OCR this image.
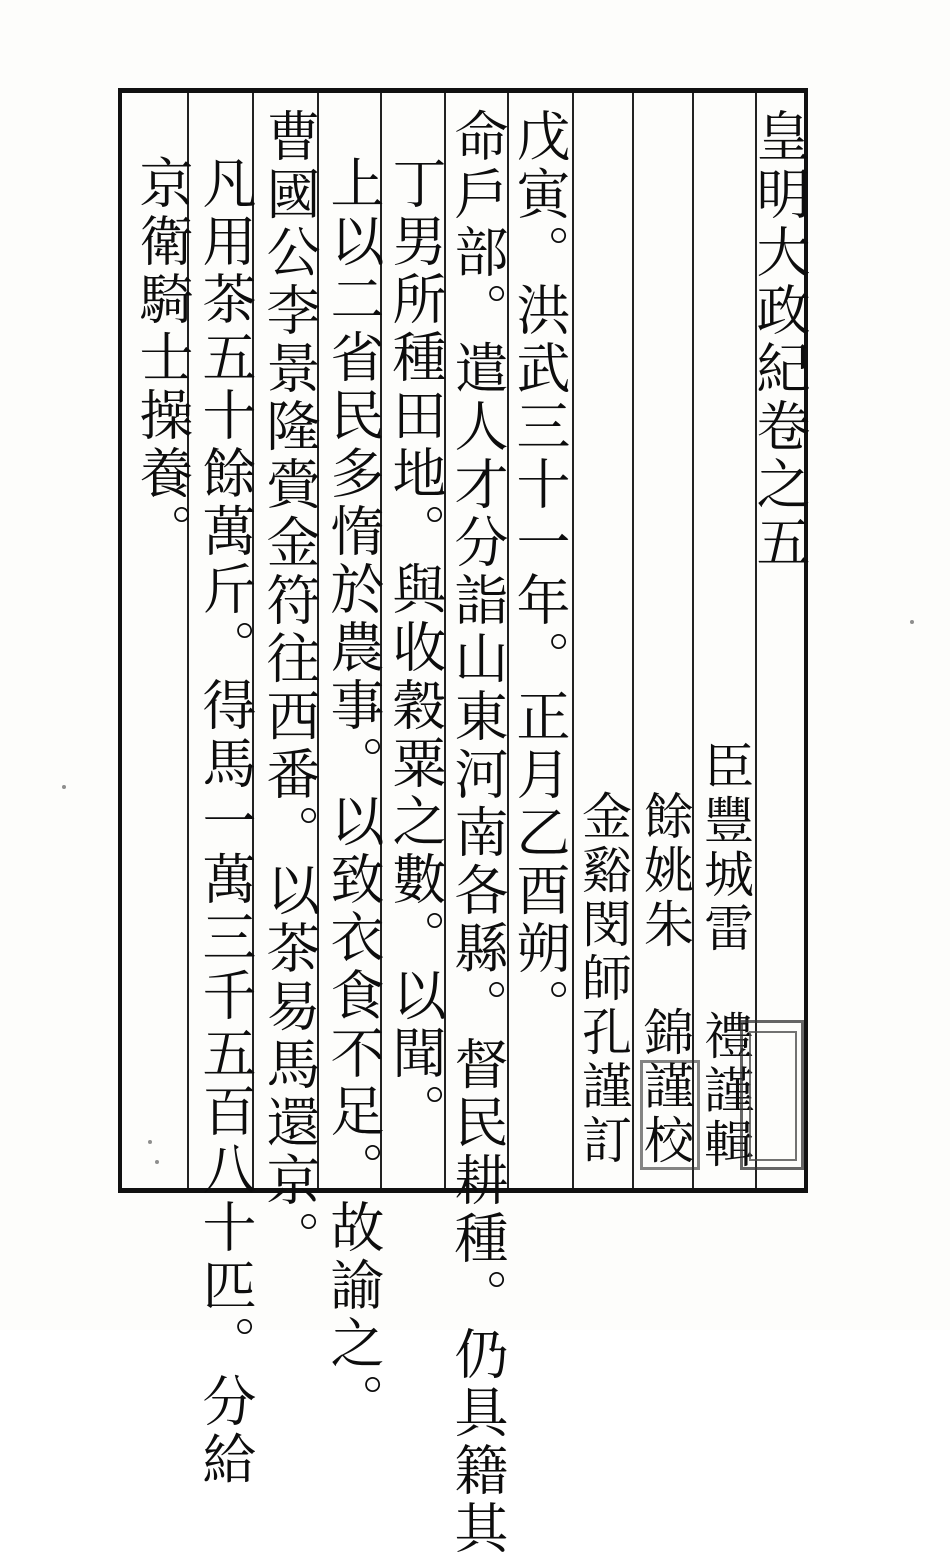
皇明大政紀卷之五
臣豐城雷　禮謹輯
餘姚朱　錦謹校
金谿閔師孔謹訂
戊寅。洪武三十一年。正月乙酉朔。
命戶部。遣人才分詣山東河南各縣。督民耕種。仍具籍其
丁男所種田地。與收穀粟之數。以聞。
上以二省民多惰於農事。以致衣食不足。故諭之。
曹國公李景隆賫金符往西番。以茶易馬還京。
凡用茶五十餘萬斤。得馬一萬三千五百八十匹。分給
京衛騎士操養。
